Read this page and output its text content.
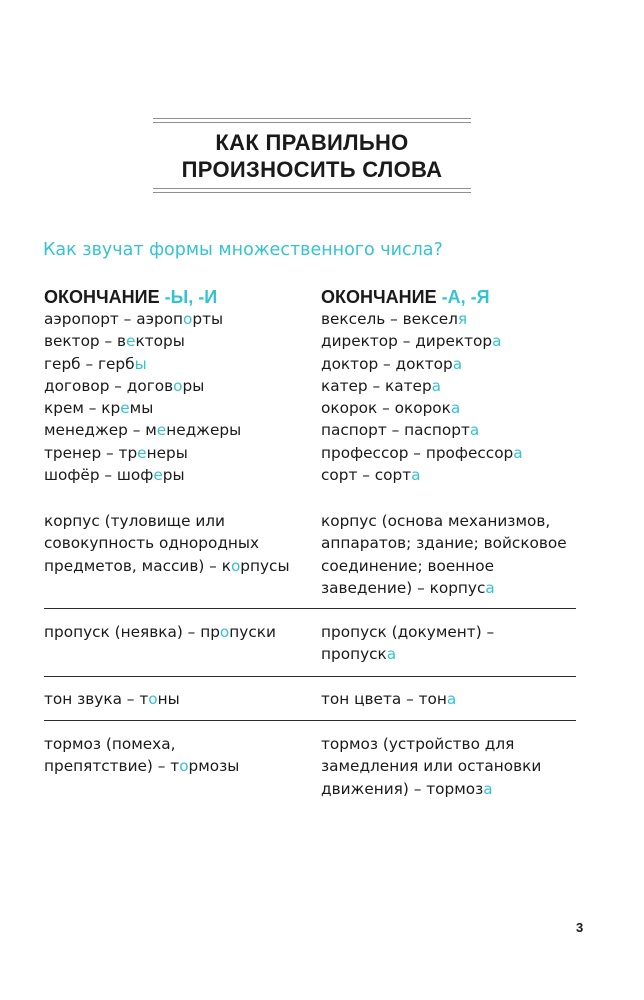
КАК ПРАВИЛЬНО
ПРОИЗНОСИТЬ СЛОВА
Как звучат формы множественного числа?
ОКОНЧАНИЕ -Ы, -И
аэропорт – аэропорты
вектор – векторы
герб – гербы
договор – договоры
крем – кремы
менеджер – менеджеры
тренер – тренеры
шофёр – шоферы
ОКОНЧАНИЕ -А, -Я
вексель – векселя
директор – директора
доктор – доктора
катер – катера
окорок – окорока
паспорт – паспорта
профессор – профессора
сорт – сорта
корпус (туловище или
совокупность однородных
предметов, массив) – корпусы
корпус (основа механизмов,
аппаратов; здание; войсковое
соединение; военное
заведение) – корпуса
пропуск (неявка) – пропуски	пропуск (документ) –
пропуска
тон звука – тоны	тон цвета – тона
тормоз (помеха,
препятствие) – тормозы
тормоз (устройство для
замедления или остановки
движения) – тормоза
3
